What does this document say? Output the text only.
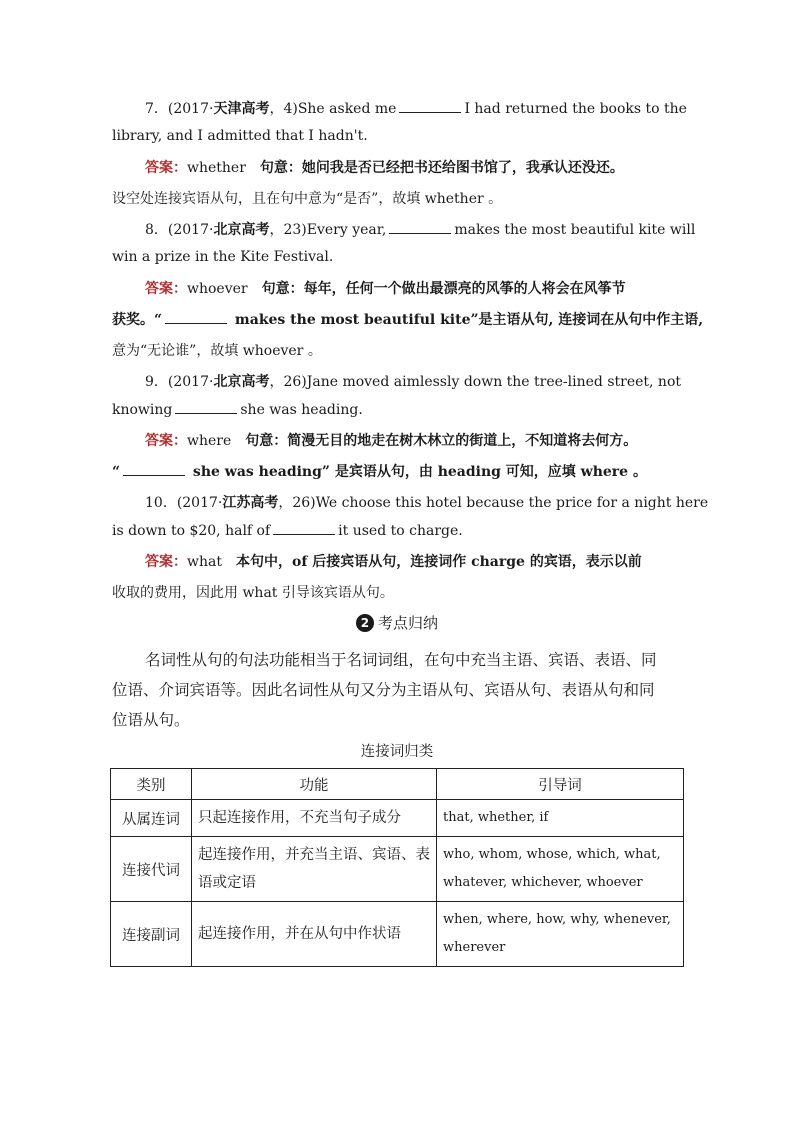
7．(2017·天津高考，4)She asked me	I had returned the books to the
library, and I admitted that I hadn't.
答案：whether　句意：她问我是否已经把书还给图书馆了，我承认还没还。
设空处连接宾语从句，且在句中意为“是否”，故填 whether 。
8．(2017·北京高考，23)Every year,	makes the most beautiful kite will
win a prize in the Kite Festival.
答案：whoever　句意：每年，任何一个做出最漂亮的风筝的人将会在风筝节
获奖。“	makes the most beautiful kite”是主语从句, 连接词在从句中作主语,
意为“无论谁”，故填 whoever 。
9．(2017·北京高考，26)Jane moved aimlessly down the tree-lined street, not
knowing	she was heading.
答案：where　句意：简漫无目的地走在树木林立的街道上，不知道将去何方。
“	she was heading” 是宾语从句，由 heading 可知，应填 where 。
10．(2017·江苏高考，26)We choose this hotel because the price for a night here
is down to $20, half of	it used to charge.
答案：what　本句中，of 后接宾语从句，连接词作 charge 的宾语，表示以前
收取的费用，因此用 what 引导该宾语从句。
2 考点归纳
名词性从句的句法功能相当于名词词组，在句中充当主语、宾语、表语、同
位语、介词宾语等。因此名词性从句又分为主语从句、宾语从句、表语从句和同
位语从句。
连接词归类
类别	功能	引导词
从属连词	只起连接作用，不充当句子成分	that, whether, if
连接代词	起连接作用，并充当主语、宾语、表语或定语	who, whom, whose, which, what,
whatever, whichever, whoever
连接副词	起连接作用，并在从句中作状语	when, where, how, why, whenever,
wherever
